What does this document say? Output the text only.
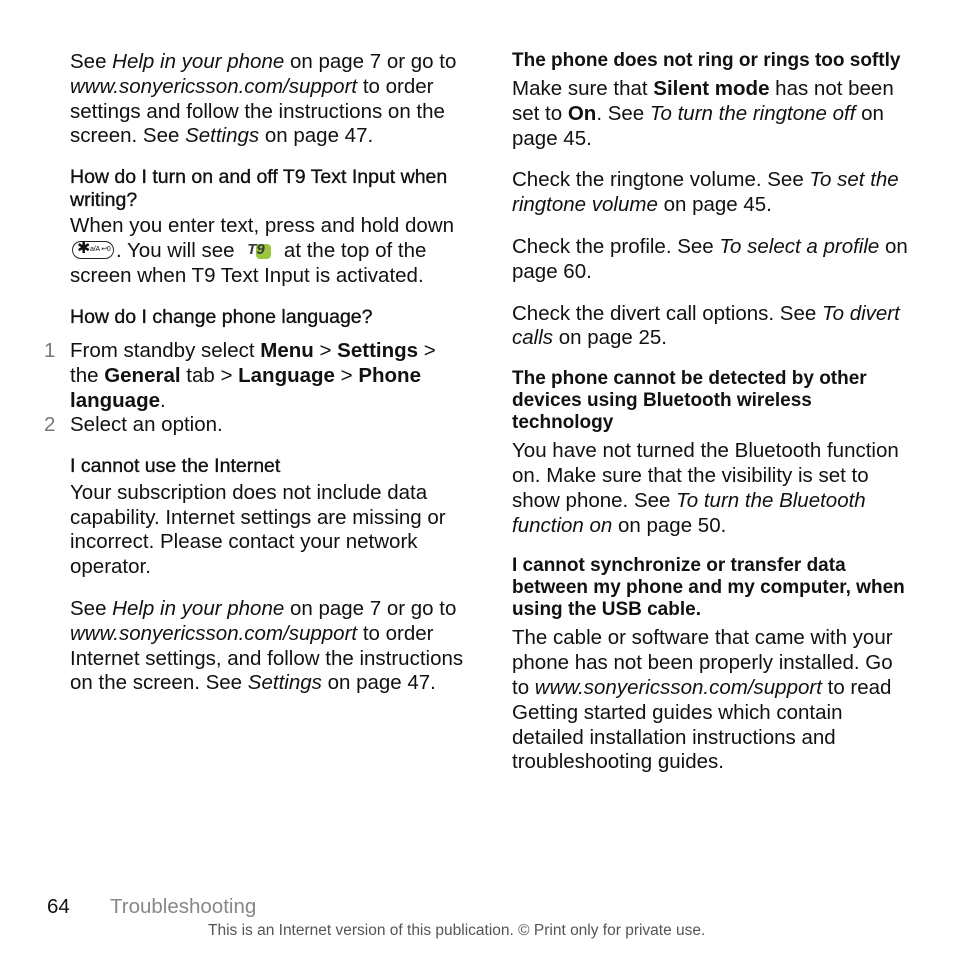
See Help in your phone on page 7 or go to www.sonyericsson.com/support to order settings and follow the instructions on the screen. See Settings on page 47.

How do I turn on and off T9 Text Input when writing?

When you enter text, press and hold down
✱ a/A ↩0 . You will see T9 at the top of the screen when T9 Text Input is activated.

How do I change phone language?
1 From standby select Menu > Settings > the General tab > Language > Phone language.
2 Select an option.
I cannot use the Internet

Your subscription does not include data capability. Internet settings are missing or incorrect. Please contact your network operator.

See Help in your phone on page 7 or go to www.sonyericsson.com/support to order Internet settings, and follow the instructions on the screen. See Settings on page 47.

The phone does not ring or rings too softly

Make sure that Silent mode has not been set to On. See To turn the ringtone off on page 45.

Check the ringtone volume. See To set the ringtone volume on page 45.

Check the profile. See To select a profile on page 60.

Check the divert call options. See To divert calls on page 25.

The phone cannot be detected by other devices using Bluetooth wireless technology

You have not turned the Bluetooth function on. Make sure that the visibility is set to show phone. See To turn the Bluetooth function on on page 50.

I cannot synchronize or transfer data between my phone and my computer, when using the USB cable.

The cable or software that came with your phone has not been properly installed. Go to www.sonyericsson.com/support to read Getting started guides which contain detailed installation instructions and troubleshooting guides.

64 Troubleshooting
This is an Internet version of this publication. © Print only for private use.
